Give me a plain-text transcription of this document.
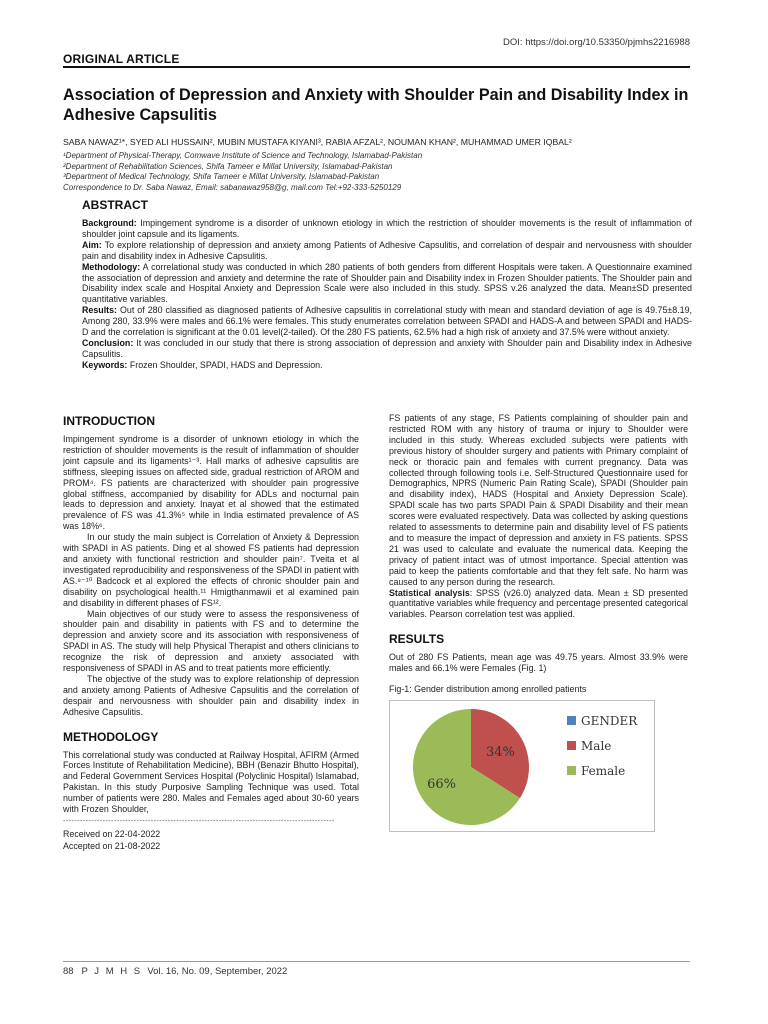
DOI: https://doi.org/10.53350/pjmhs2216988
ORIGINAL ARTICLE
Association of Depression and Anxiety with Shoulder Pain and Disability Index in Adhesive Capsulitis
SABA NAWAZ¹*, SYED ALI HUSSAIN², MUBIN MUSTAFA KIYANI³, RABIA AFZAL², NOUMAN KHAN², MUHAMMAD UMER IQBAL²
¹Department of Physical-Therapy, Comwave Institute of Science and Technology, Islamabad-Pakistan
²Department of Rehabilitation Sciences, Shifa Tameer e Millat University, Islamabad-Pakistan
³Department of Medical Technology, Shifa Tameer e Millat University, Islamabad-Pakistan
Correspondence to Dr. Saba Nawaz, Email: sabanawaz958@g, mail.com Tel:+92-333-5250129
ABSTRACT

Background: Impingement syndrome is a disorder of unknown etiology in which the restriction of shoulder movements is the result of inflammation of shoulder joint capsule and its ligaments.

Aim: To explore relationship of depression and anxiety among Patients of Adhesive Capsulitis, and correlation of despair and nervousness with shoulder pain and disability index in Adhesive Capsulitis.

Methodology: A correlational study was conducted in which 280 patients of both genders from different Hospitals were taken. A Questionnaire examined the association of depression and anxiety and determine the rate of Shoulder pain and Disability index in Frozen Shoulder patients. The Shoulder pain and Disability index scale and Hospital Anxiety and Depression Scale were also included in this study. SPSS v.26 analyzed the data. Mean±SD presented quantitative variables.

Results: Out of 280 classified as diagnosed patients of Adhesive capsulitis in correlational study with mean and standard deviation of age is 49.75±8.19, Among 280, 33.9% were males and 66.1% were females. This study enumerates correlation between SPADI and HADS-A and between SPADI and HADS-D and the correlation is significant at the 0.01 level(2-tailed). Of the 280 FS patients, 62.5% had a high risk of anxiety and 37.5% were without anxiety.

Conclusion: It was concluded in our study that there is strong association of depression and anxiety with Shoulder pain and Disability index in Adhesive Capsulitis.

Keywords: Frozen Shoulder, SPADI, HADS and Depression.

INTRODUCTION

Impingement syndrome is a disorder of unknown etiology in which the restriction of shoulder movements is the result of inflammation of shoulder joint capsule and its ligaments¹⁻³. Hall marks of adhesive capsulitis are stiffness, sleeping issues on affected side, gradual restriction of AROM and PROM⁴. FS patients are characterized with shoulder pain progressive global stiffness, accompanied by disability for ADLs and nocturnal pain leads to depression and anxiety. Inayat et al showed that the estimated prevalence of FS was 41.3%⁵ while in India estimated prevalence of AS was 18%⁶.

In our study the main subject is Correlation of Anxiety & Depression with SPADI in AS patients. Ding et al showed FS patients had depression and anxiety with functional restriction and shoulder pain⁷. Tveita et al investigated reproducibility and responsiveness of the SPADI in patient with AS.⁸⁻¹⁰ Badcock et al explored the effects of chronic shoulder pain and disability on psychological health.¹¹ Hmigthanmawii et al examined pain and disability in different phases of FS¹².

Main objectives of our study were to assess the responsiveness of shoulder pain and disability in patients with FS and to determine the depression and anxiety score and its association with responsiveness of SPADI in AS. The study will help Physical Therapist and others clinicians to recognize the risk of depression and anxiety associated with responsiveness of SPADI in AS and to treat patients more efficiently.

The objective of the study was to explore relationship of depression and anxiety among Patients of Adhesive Capsulitis and the correlation of despair and nervousness with shoulder pain and disability index in Adhesive Capsulitis.

METHODOLOGY

This correlational study was conducted at Railway Hospital, AFIRM (Armed Forces Institute of Rehabilitation Medicine), BBH (Benazir Bhutto Hospital), and Federal Government Services Hospital (Polyclinic Hospital) Islamabad, Pakistan. In this study Purposive Sampling Technique was used. Total number of patients were 280. Males and Females aged about 30-60 years with Frozen Shoulder,

------------------------------------------------------------------------------------------------
Received on 22-04-2022
Accepted on 21-08-2022

FS patients of any stage, FS Patients complaining of shoulder pain and restricted ROM with any history of trauma or injury to Shoulder were included in this study. Whereas excluded subjects were patients with previous history of shoulder surgery and patients with Primary complaint of neck or thoracic pain and females with current pregnancy. Data was collected through following tools i.e. Self-Structured Questionnaire used for Demographics, NPRS (Numeric Pain Rating Scale), SPADI (Shoulder pain and disability index), HADS (Hospital and Anxiety Depression Scale). SPADI scale has two parts SPADI Pain & SPADI Disability and their mean scores were evaluated respectively. Data was collected by asking questions related to assessments to determine pain and disability level of FS patients and to measure the impact of depression and anxiety in FS patients. SPSS 21 was used to calculate and evaluate the numerical data. Keeping the privacy of patient intact was of utmost importance. Special attention was paid to keep the patients comfortable and that they felt safe. No harm was caused to any person during the research.

Statistical analysis: SPSS (v26.0) analyzed data. Mean ± SD presented quantitative variables while frequency and percentage presented categorical variables. Pearson correlation test was applied.

RESULTS

Out of 280 FS Patients, mean age was 49.75 years. Almost 33.9% were males and 66.1% were Females (Fig. 1)

Fig-1: Gender distribution among enrolled patients
34%
66%
GENDER
Male
Female
88 P J M H S Vol. 16, No. 09, September, 2022
